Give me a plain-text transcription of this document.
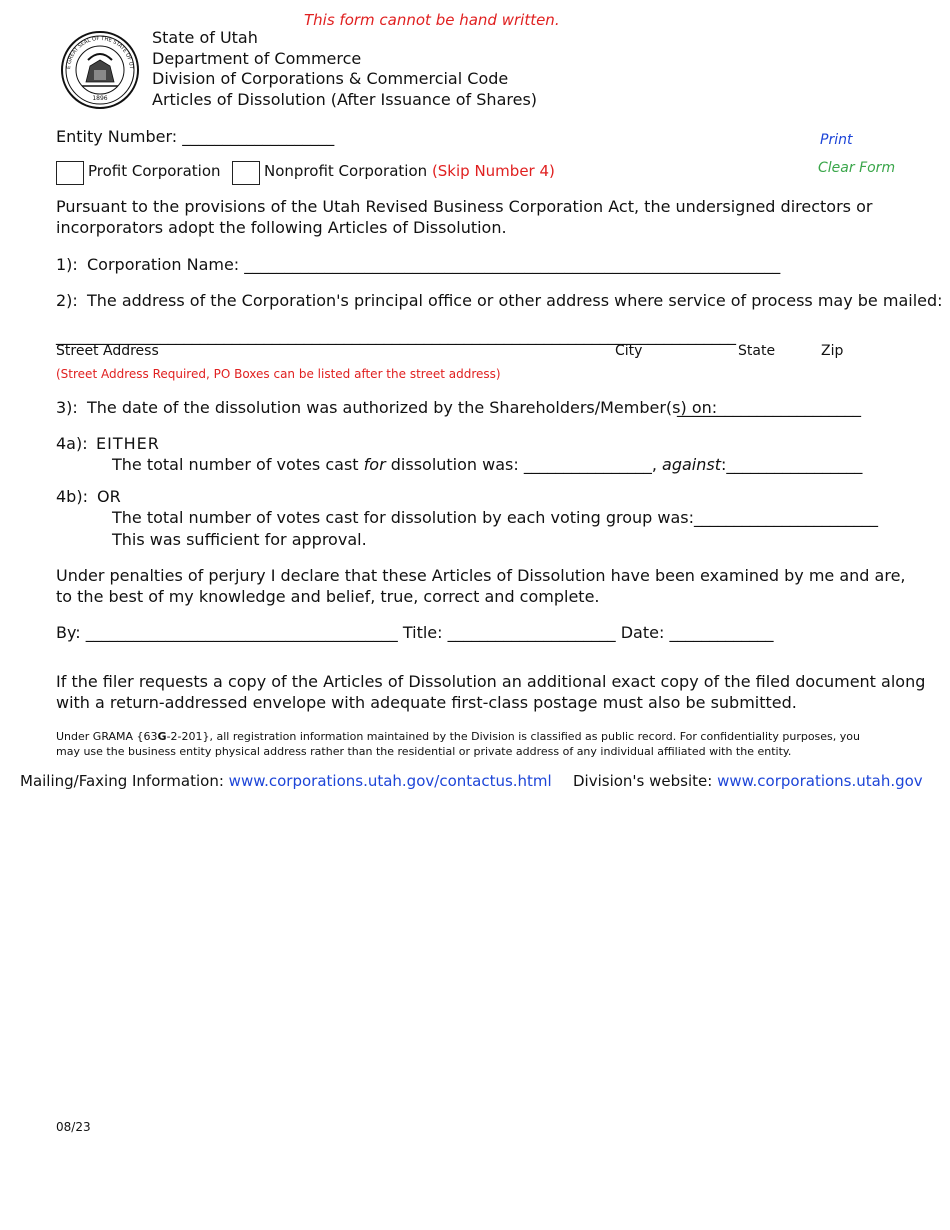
This form cannot be hand written.
1896
E GREAT SEAL OF THE STATE OF UT
State of Utah
Department of Commerce
Division of Corporations & Commercial Code
Articles of Dissolution (After Issuance of Shares)
Print
Clear Form
Entity Number: ___________________
Profit Corporation	Nonprofit Corporation (Skip Number 4)
Pursuant to the provisions of the Utah Revised Business Corporation Act, the undersigned directors or
incorporators adopt the following Articles of Dissolution.
1): Corporation Name: ___________________________________________________________________
2): The address of the Corporation's principal office or other address where service of process may be mailed:
_____________________________________________________________________________________
Street Address	City	State	Zip
(Street Address Required, PO Boxes can be listed after the street address)
3): The date of the dissolution was authorized by the Shareholders/Member(s) on:
_______________________
4a): EITHER
The total number of votes cast for dissolution was: ________________, against:_________________
4b): OR
The total number of votes cast for dissolution by each voting group was:_______________________
This was sufficient for approval.
Under penalties of perjury I declare that these Articles of Dissolution have been examined by me and are,
to the best of my knowledge and belief, true, correct and complete.
By: _______________________________________ Title: _____________________ Date: _____________
If the filer requests a copy of the Articles of Dissolution an additional exact copy of the filed document along
with a return-addressed envelope with adequate first-class postage must also be submitted.
Under GRAMA {63G-2-201}, all registration information maintained by the Division is classified as public record. For confidentiality purposes, you
may use the business entity physical address rather than the residential or private address of any individual affiliated with the entity.
Mailing/Faxing Information: www.corporations.utah.gov/contactus.html Division's website: www.corporations.utah.gov
08/23
